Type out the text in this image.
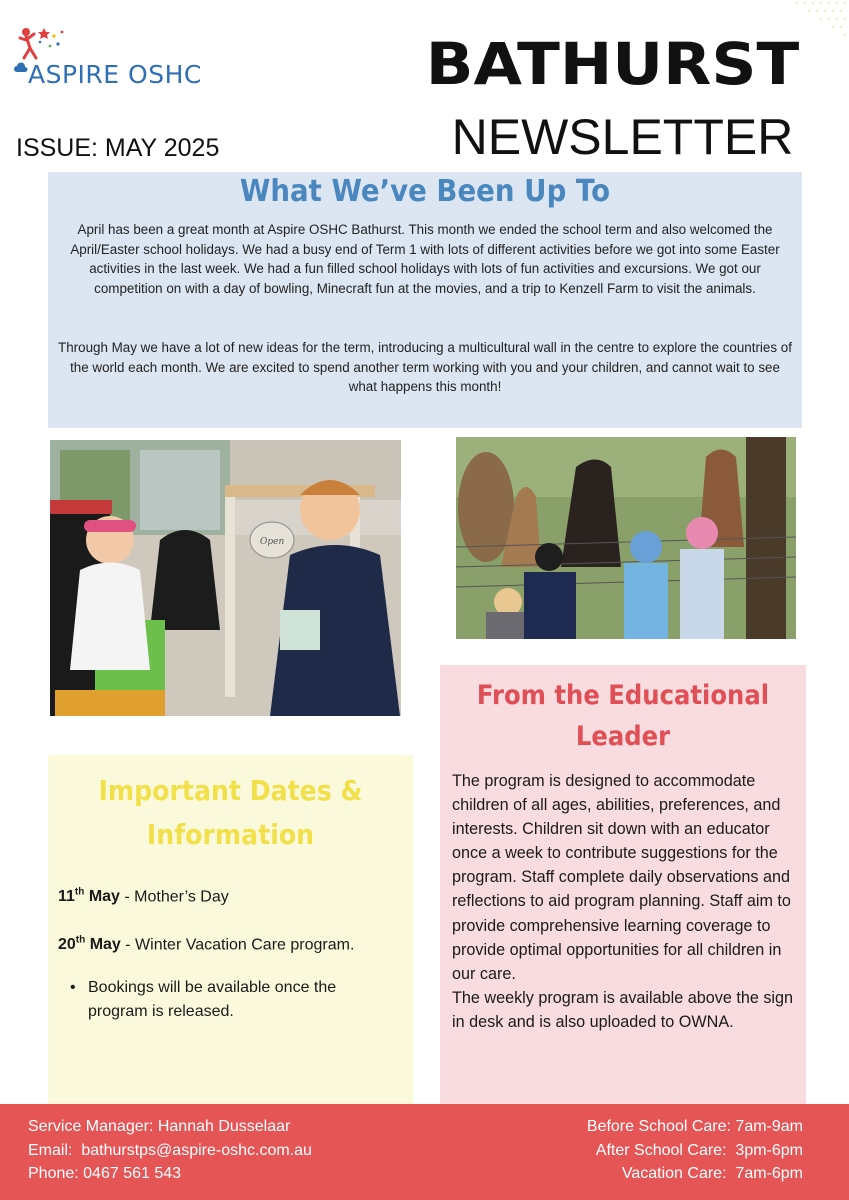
ASPIRE OSHC	BATHURST
NEWSLETTER
ISSUE: MAY 2025
What We’ve Been Up To

April has been a great month at Aspire OSHC Bathurst. This month we ended the school term and also welcomed the April/Easter school holidays. We had a busy end of Term 1 with lots of different activities before we got into some Easter activities in the last week. We had a fun filled school holidays with lots of fun activities and excursions. We got our competition on with a day of bowling, Minecraft fun at the movies, and a trip to Kenzell Farm to visit the animals.

Through May we have a lot of new ideas for the term, introducing a multicultural wall in the centre to explore the countries of the world each month. We are excited to spend another term working with you and your children, and cannot wait to see what happens this month!

Open
Important Dates &
Information
11th May - Mother’s Day
20th May - Winter Vacation Care program.
• Bookings will be available once the program is released.
From the Educational
Leader
The program is designed to accommodate children of all ages, abilities, preferences, and interests. Children sit down with an educator once a week to contribute suggestions for the program. Staff complete daily observations and reflections to aid program planning. Staff aim to provide comprehensive learning coverage to provide optimal opportunities for all children in our care.
The weekly program is available above the sign in desk and is also uploaded to OWNA.
Service Manager: Hannah Dusselaar
Email:  bathurstps@aspire-oshc.com.au
Phone: 0467 561 543
Before School Care: 7am-9am
After School Care:  3pm-6pm
Vacation Care:  7am-6pm
